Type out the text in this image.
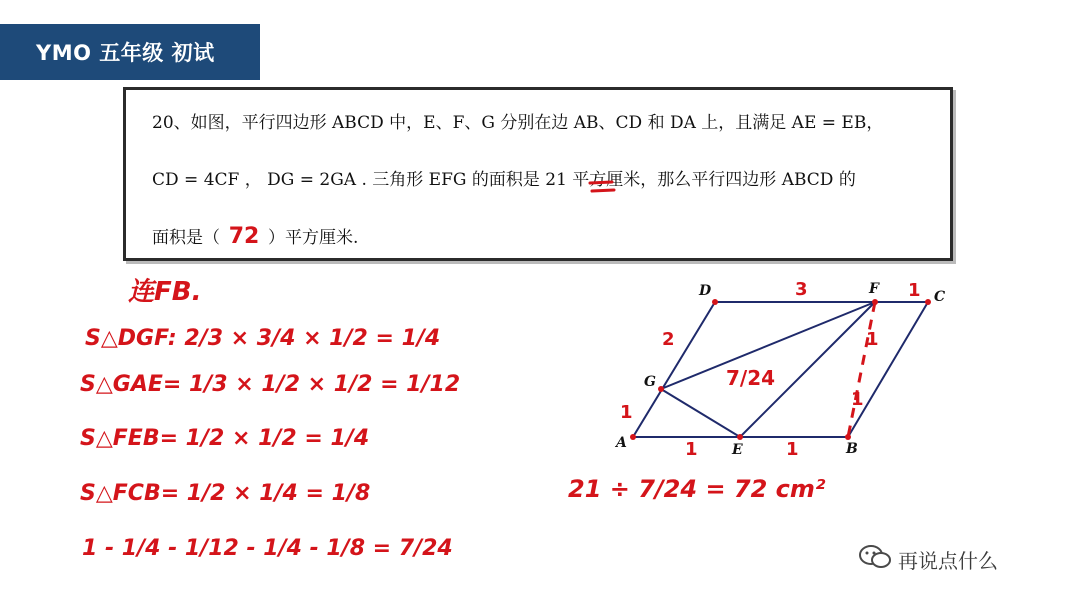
YMO 五年级 初试
20、如图，平行四边形 ABCD 中，E、F、G 分别在边 AB、CD 和 DA 上，且满足 AE = EB，
CD = 4CF ， DG = 2GA . 三角形 EFG 的面积是 21 平方厘米，那么平行四边形 ABCD 的
面积是（ 72 ）平方厘米.
连FB.
S△DGF: 2/3 × 3/4 × 1/2 = 1/4
S△GAE= 1/3 × 1/2 × 1/2 = 1/12
S△FEB= 1/2 × 1/2 = 1/4
S△FCB= 1/2 × 1/4 = 1/8
1 - 1/4 - 1/12 - 1/4 - 1/8 = 7/24
21 ÷ 7/24 = 72 cm²
A	B
C
D
E
F
G
3	1
2
1
1	1
1
1
7/24
再说点什么
